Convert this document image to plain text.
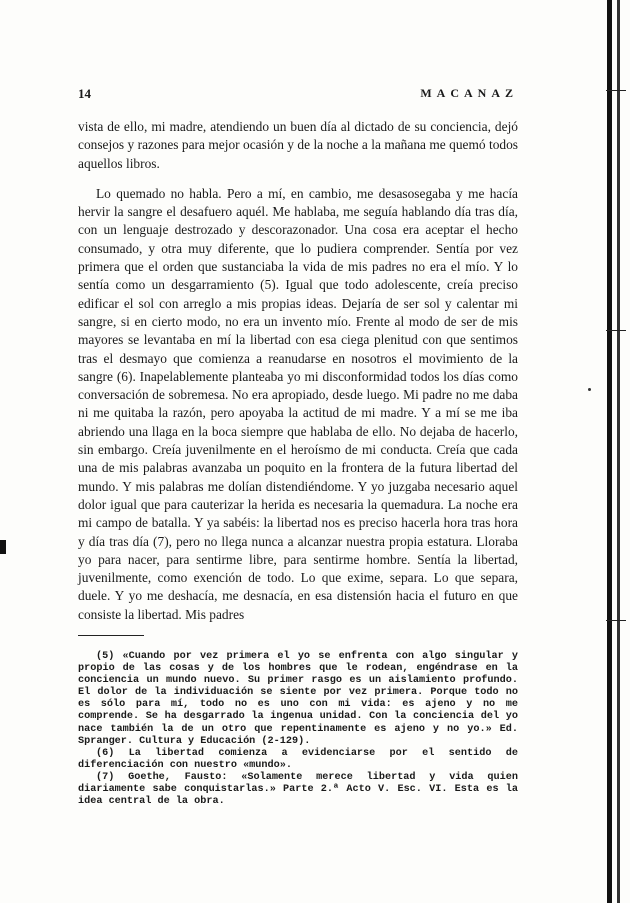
14	MACANAZ

vista de ello, mi madre, atendiendo un buen día al dictado de su conciencia, dejó consejos y razones para mejor ocasión y de la noche a la mañana me quemó todos aquellos libros.

Lo quemado no habla. Pero a mí, en cambio, me desasosegaba y me hacía hervir la sangre el desafuero aquél. Me hablaba, me seguía hablando día tras día, con un lenguaje destrozado y descorazonador. Una cosa era aceptar el hecho consumado, y otra muy diferente, que lo pudiera comprender. Sentía por vez primera que el orden que sustanciaba la vida de mis padres no era el mío. Y lo sentía como un desgarramiento (5). Igual que todo adolescente, creía preciso edificar el sol con arreglo a mis propias ideas. Dejaría de ser sol y calentar mi sangre, si en cierto modo, no era un invento mío. Frente al modo de ser de mis mayores se levantaba en mí la libertad con esa ciega plenitud con que sentimos tras el desmayo que comienza a reanudarse en nosotros el movimiento de la sangre (6). Inapelablemente planteaba yo mi disconformidad todos los días como conversación de sobremesa. No era apropiado, desde luego. Mi padre no me daba ni me quitaba la razón, pero apoyaba la actitud de mi madre. Y a mí se me iba abriendo una llaga en la boca siempre que hablaba de ello. No dejaba de hacerlo, sin embargo. Creía juvenilmente en el heroísmo de mi conducta. Creía que cada una de mis palabras avanzaba un poquito en la frontera de la futura libertad del mundo. Y mis palabras me dolían distendiéndome. Y yo juzgaba necesario aquel dolor igual que para cauterizar la herida es necesaria la quemadura. La noche era mi campo de batalla. Y ya sabéis: la libertad nos es preciso hacerla hora tras hora y día tras día (7), pero no llega nunca a alcanzar nuestra propia estatura. Lloraba yo para nacer, para sentirme libre, para sentirme hombre. Sentía la libertad, juvenilmente, como exención de todo. Lo que exime, separa. Lo que separa, duele. Y yo me deshacía, me desnacía, en esa distensión hacia el futuro en que consiste la libertad. Mis padres

(5) «Cuando por vez primera el yo se enfrenta con algo singular y propio de las cosas y de los hombres que le rodean, engéndrase en la conciencia un mundo nuevo. Su primer rasgo es un aislamiento profundo. El dolor de la individuación se siente por vez primera. Porque todo no es sólo para mí, todo no es uno con mi vida: es ajeno y no me comprende. Se ha desgarrado la ingenua unidad. Con la conciencia del yo nace también la de un otro que repentinamente es ajeno y no yo.» Ed. Spranger. Cultura y Educación (2-129).

(6) La libertad comienza a evidenciarse por el sentido de diferenciación con nuestro «mundo».

(7) Goethe, Fausto: «Solamente merece libertad y vida quien diariamente sabe conquistarlas.» Parte 2.ª Acto V. Esc. VI. Esta es la idea central de la obra.
